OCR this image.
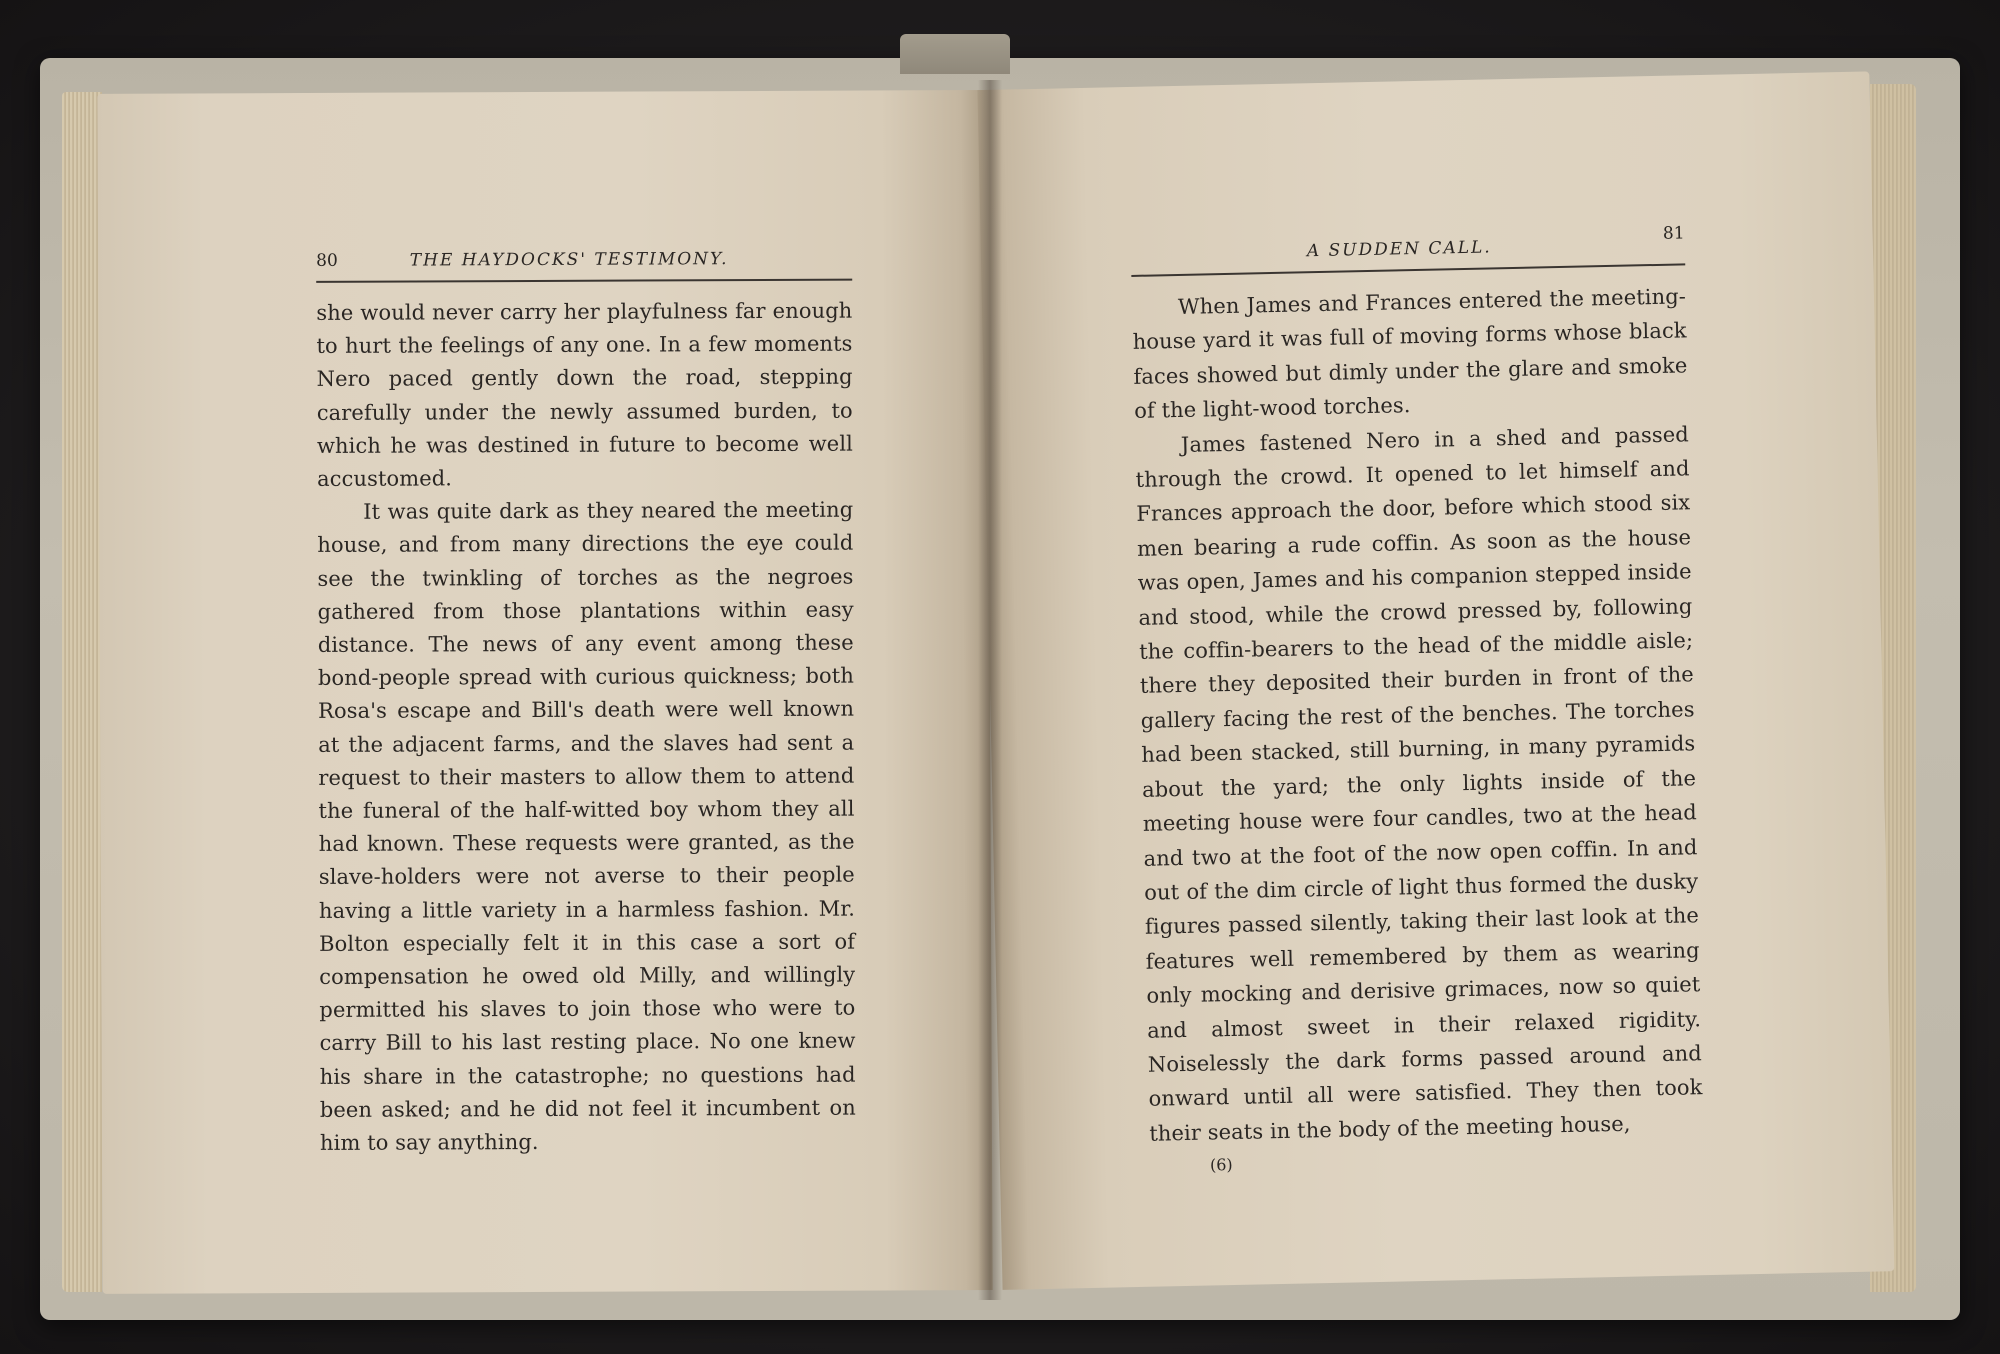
80	THE HAYDOCKS' TESTIMONY.

she would never carry her playfulness far enough to hurt the feelings of any one. In a few moments Nero paced gently down the road, stepping carefully under the newly assumed burden, to which he was destined in future to become well accustomed.

It was quite dark as they neared the meeting house, and from many directions the eye could see the twinkling of torches as the negroes gathered from those plantations within easy distance. The news of any event among these bond-people spread with curious quickness; both Rosa's escape and Bill's death were well known at the adjacent farms, and the slaves had sent a request to their masters to allow them to attend the funeral of the half-witted boy whom they all had known. These requests were granted, as the slave-holders were not averse to their people having a little variety in a harmless fashion. Mr. Bolton especially felt it in this case a sort of compensation he owed old Milly, and willingly permitted his slaves to join those who were to carry Bill to his last resting place. No one knew his share in the catastrophe; no questions had been asked; and he did not feel it incumbent on him to say anything.

A SUDDEN CALL.
81

When James and Frances entered the meeting-house yard it was full of moving forms whose black faces showed but dimly under the glare and smoke of the light-wood torches.

James fastened Nero in a shed and passed through the crowd. It opened to let himself and Frances approach the door, before which stood six men bearing a rude coffin. As soon as the house was open, James and his companion stepped inside and stood, while the crowd pressed by, following the coffin-bearers to the head of the middle aisle; there they deposited their burden in front of the gallery facing the rest of the benches. The torches had been stacked, still burning, in many pyramids about the yard; the only lights inside of the meeting house were four candles, two at the head and two at the foot of the now open coffin. In and out of the dim circle of light thus formed the dusky figures passed silently, taking their last look at the features well remembered by them as wearing only mocking and derisive grimaces, now so quiet and almost sweet in their relaxed rigidity. Noiselessly the dark forms passed around and onward until all were satisfied. They then took their seats in the body of the meeting house,

(6)
